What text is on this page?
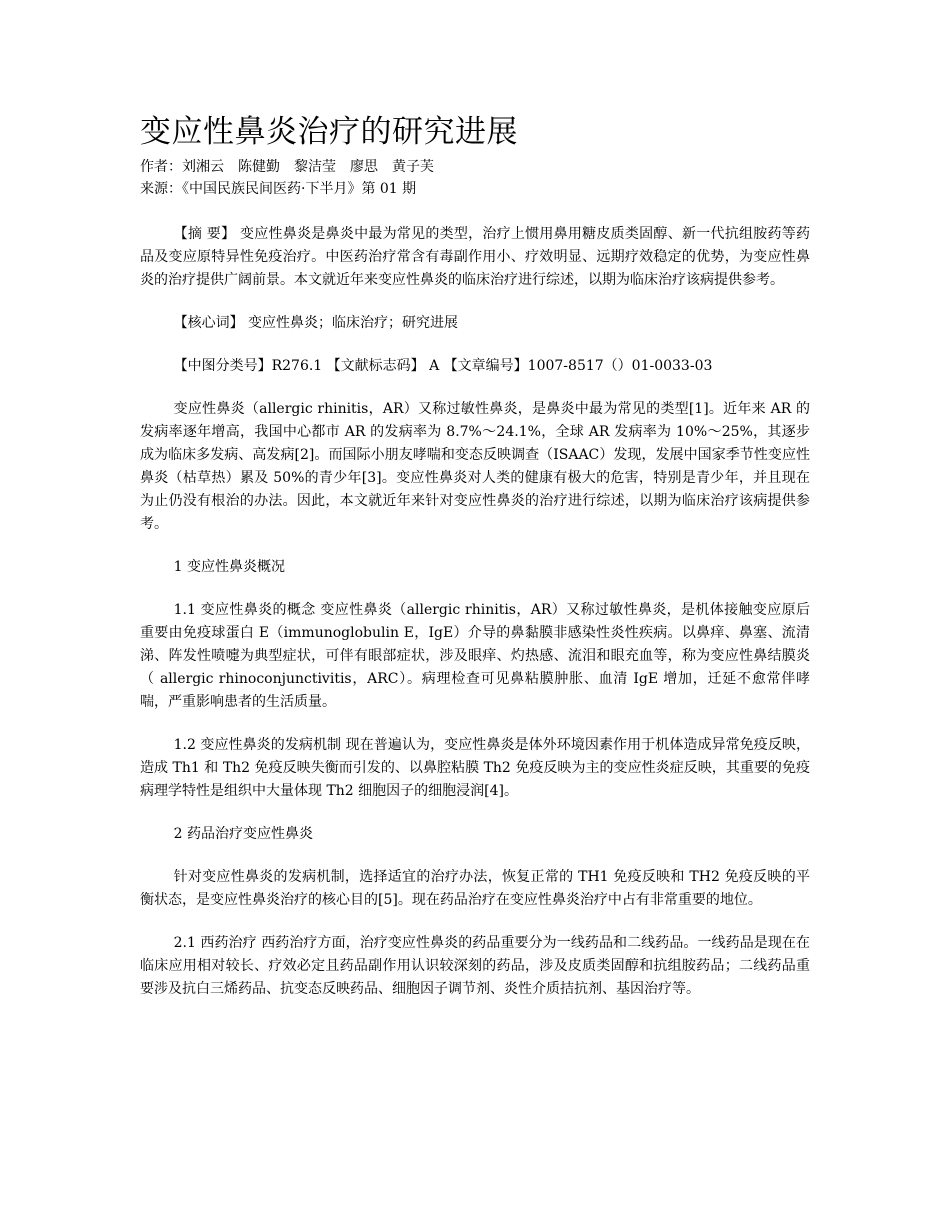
变应性鼻炎治疗的研究进展

作者：刘湘云 陈健勤 黎洁莹 廖思 黄子芙

来源：《中国民族民间医药·下半月》第 01 期

【摘 要】 变应性鼻炎是鼻炎中最为常见的类型，治疗上惯用鼻用糖皮质类固醇、新一代抗组胺药等药品及变应原特异性免疫治疗。中医药治疗常含有毒副作用小、疗效明显、远期疗效稳定的优势，为变应性鼻炎的治疗提供广阔前景。本文就近年来变应性鼻炎的临床治疗进行综述，以期为临床治疗该病提供参考。

【核心词】 变应性鼻炎；临床治疗；研究进展

【中图分类号】R276.1 【文献标志码】 A 【文章编号】1007-8517（）01-0033-03

变应性鼻炎（allergic rhinitis，AR）又称过敏性鼻炎，是鼻炎中最为常见的类型[1]。近年来 AR 的发病率逐年增高，我国中心都市 AR 的发病率为 8.7%～24.1%，全球 AR 发病率为 10%～25%，其逐步成为临床多发病、高发病[2]。而国际小朋友哮喘和变态反映调查（ISAAC）发现，发展中国家季节性变应性鼻炎（枯草热）累及 50%的青少年[3]。变应性鼻炎对人类的健康有极大的危害，特别是青少年，并且现在为止仍没有根治的办法。因此，本文就近年来针对变应性鼻炎的治疗进行综述，以期为临床治疗该病提供参考。

1 变应性鼻炎概况

1.1 变应性鼻炎的概念 变应性鼻炎（allergic rhinitis，AR）又称过敏性鼻炎，是机体接触变应原后重要由免疫球蛋白 E（immunoglobulin E，IgE）介导的鼻黏膜非感染性炎性疾病。以鼻痒、鼻塞、流清涕、阵发性喷嚏为典型症状，可伴有眼部症状，涉及眼痒、灼热感、流泪和眼充血等，称为变应性鼻结膜炎（ allergic rhinoconjunctivitis，ARC）。病理检查可见鼻粘膜肿胀、血清 IgE 增加，迁延不愈常伴哮喘，严重影响患者的生活质量。

1.2 变应性鼻炎的发病机制 现在普遍认为，变应性鼻炎是体外环境因素作用于机体造成异常免疫反映， 造成 Th1 和 Th2 免疫反映失衡而引发的、以鼻腔粘膜 Th2 免疫反映为主的变应性炎症反映，其重要的免疫病理学特性是组织中大量体现 Th2 细胞因子的细胞浸润[4]。

2 药品治疗变应性鼻炎

针对变应性鼻炎的发病机制，选择适宜的治疗办法，恢复正常的 TH1 免疫反映和 TH2 免疫反映的平衡状态，是变应性鼻炎治疗的核心目的[5]。现在药品治疗在变应性鼻炎治疗中占有非常重要的地位。

2.1 西药治疗 西药治疗方面，治疗变应性鼻炎的药品重要分为一线药品和二线药品。一线药品是现在在临床应用相对较长、疗效必定且药品副作用认识较深刻的药品，涉及皮质类固醇和抗组胺药品；二线药品重要涉及抗白三烯药品、抗变态反映药品、细胞因子调节剂、炎性介质拮抗剂、基因治疗等。
